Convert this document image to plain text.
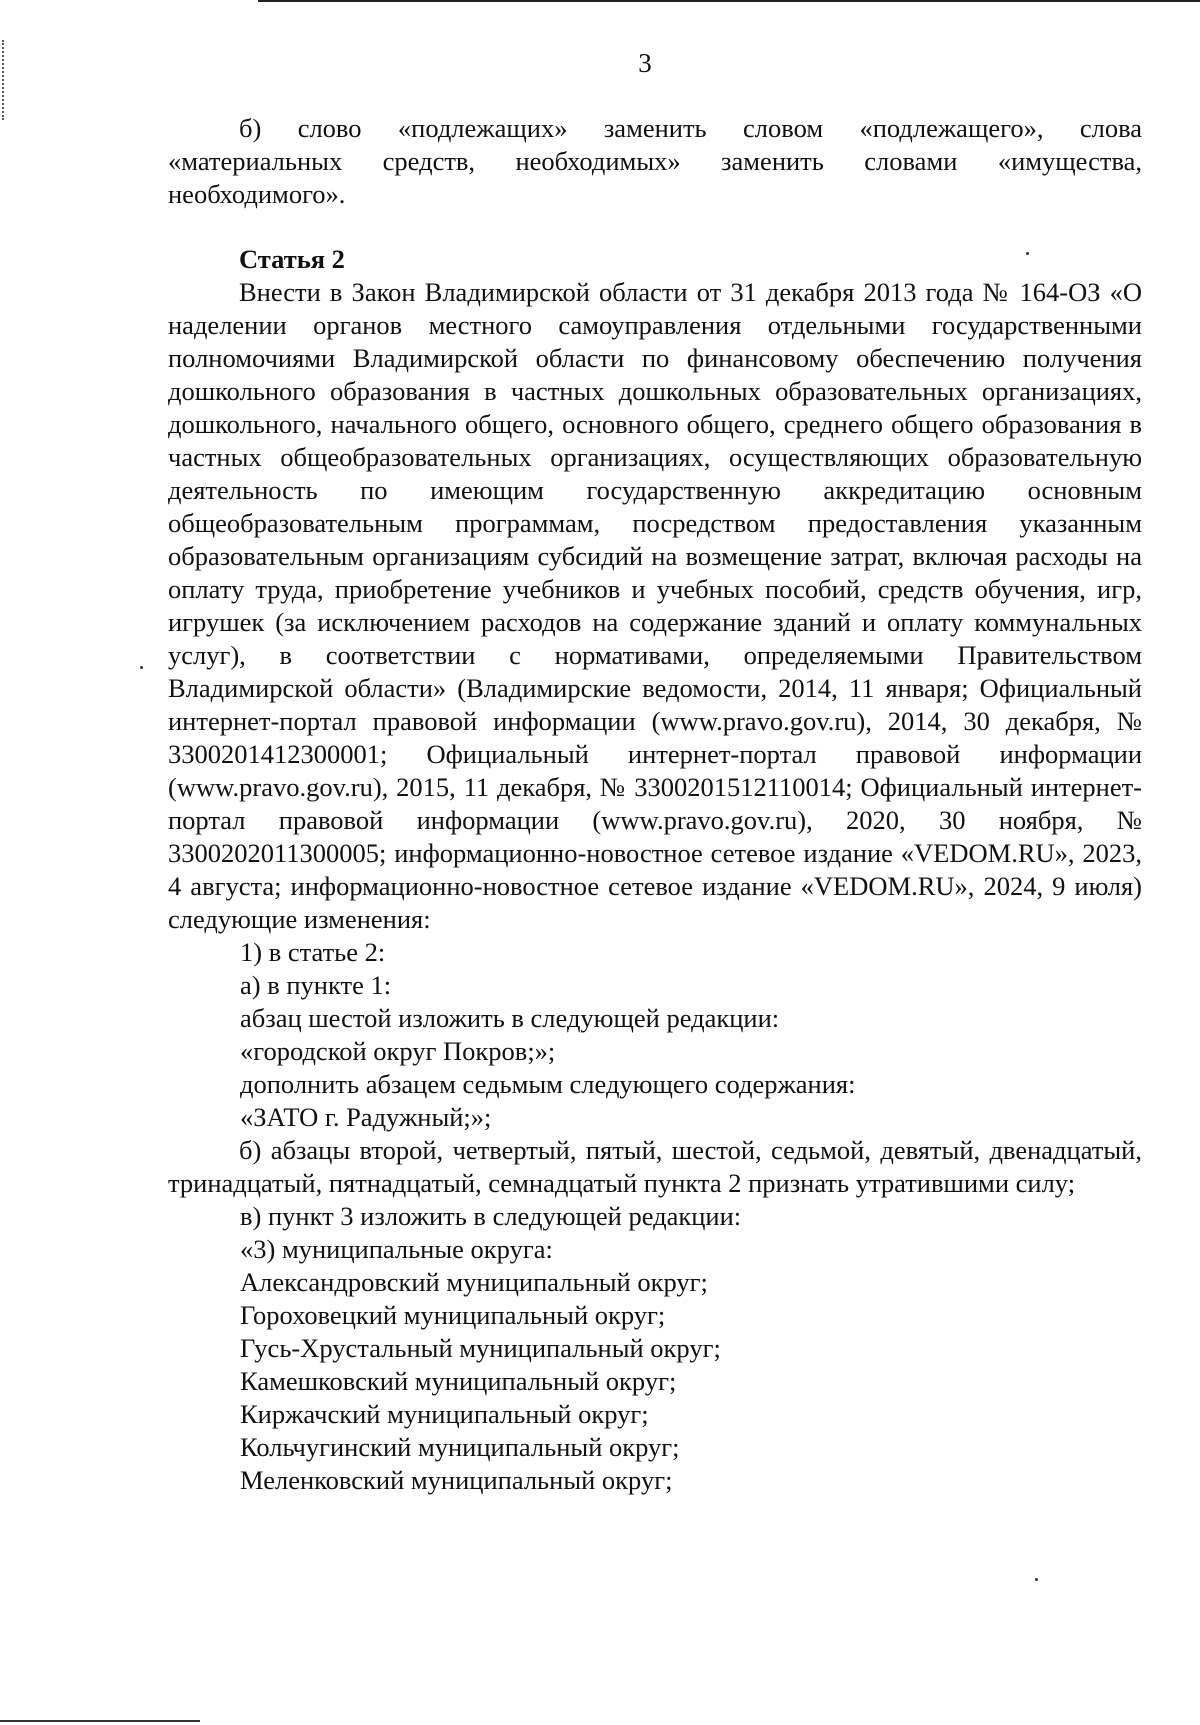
3

б) слово «подлежащих» заменить словом «подлежащего», слова «материальных средств, необходимых» заменить словами «имущества, необходимого».

Статья 2

Внести в Закон Владимирской области от 31 декабря 2013 года № 164-ОЗ «О наделении органов местного самоуправления отдельными государственными полномочиями Владимирской области по финансовому обеспечению получения дошкольного образования в частных дошкольных образовательных организациях, дошкольного, начального общего, основного общего, среднего общего образования в частных общеобразовательных организациях, осуществляющих образовательную деятельность по имеющим государственную аккредитацию основным общеобразовательным программам, посредством предоставления указанным образовательным организациям субсидий на возмещение затрат, включая расходы на оплату труда, приобретение учебников и учебных пособий, средств обучения, игр, игрушек (за исключением расходов на содержание зданий и оплату коммунальных услуг), в соответствии с нормативами, определяемыми Правительством Владимирской области» (Владимирские ведомости, 2014, 11 января; Официальный интернет-портал правовой информации (www.pravo.gov.ru), 2014, 30 декабря, № 3300201412300001; Официальный интернет-портал правовой информации (www.pravo.gov.ru), 2015, 11 декабря, № 3300201512110014; Официальный интернет-портал правовой информации (www.pravo.gov.ru), 2020, 30 ноября, № 3300202011300005; информационно-новостное сетевое издание «VEDOM.RU», 2023, 4 августа; информационно-новостное сетевое издание «VEDOM.RU», 2024, 9 июля) следующие изменения:

1) в статье 2:

а) в пункте 1:

абзац шестой изложить в следующей редакции:

«городской округ Покров;»;

дополнить абзацем седьмым следующего содержания:

«ЗАТО г. Радужный;»;

б) абзацы второй, четвертый, пятый, шестой, седьмой, девятый, двенадцатый, тринадцатый, пятнадцатый, семнадцатый пункта 2 признать утратившими силу;

в) пункт 3 изложить в следующей редакции:

«3) муниципальные округа:

Александровский муниципальный округ;

Гороховецкий муниципальный округ;

Гусь-Хрустальный муниципальный округ;

Камешковский муниципальный округ;

Киржачский муниципальный округ;

Кольчугинский муниципальный округ;

Меленковский муниципальный округ;
